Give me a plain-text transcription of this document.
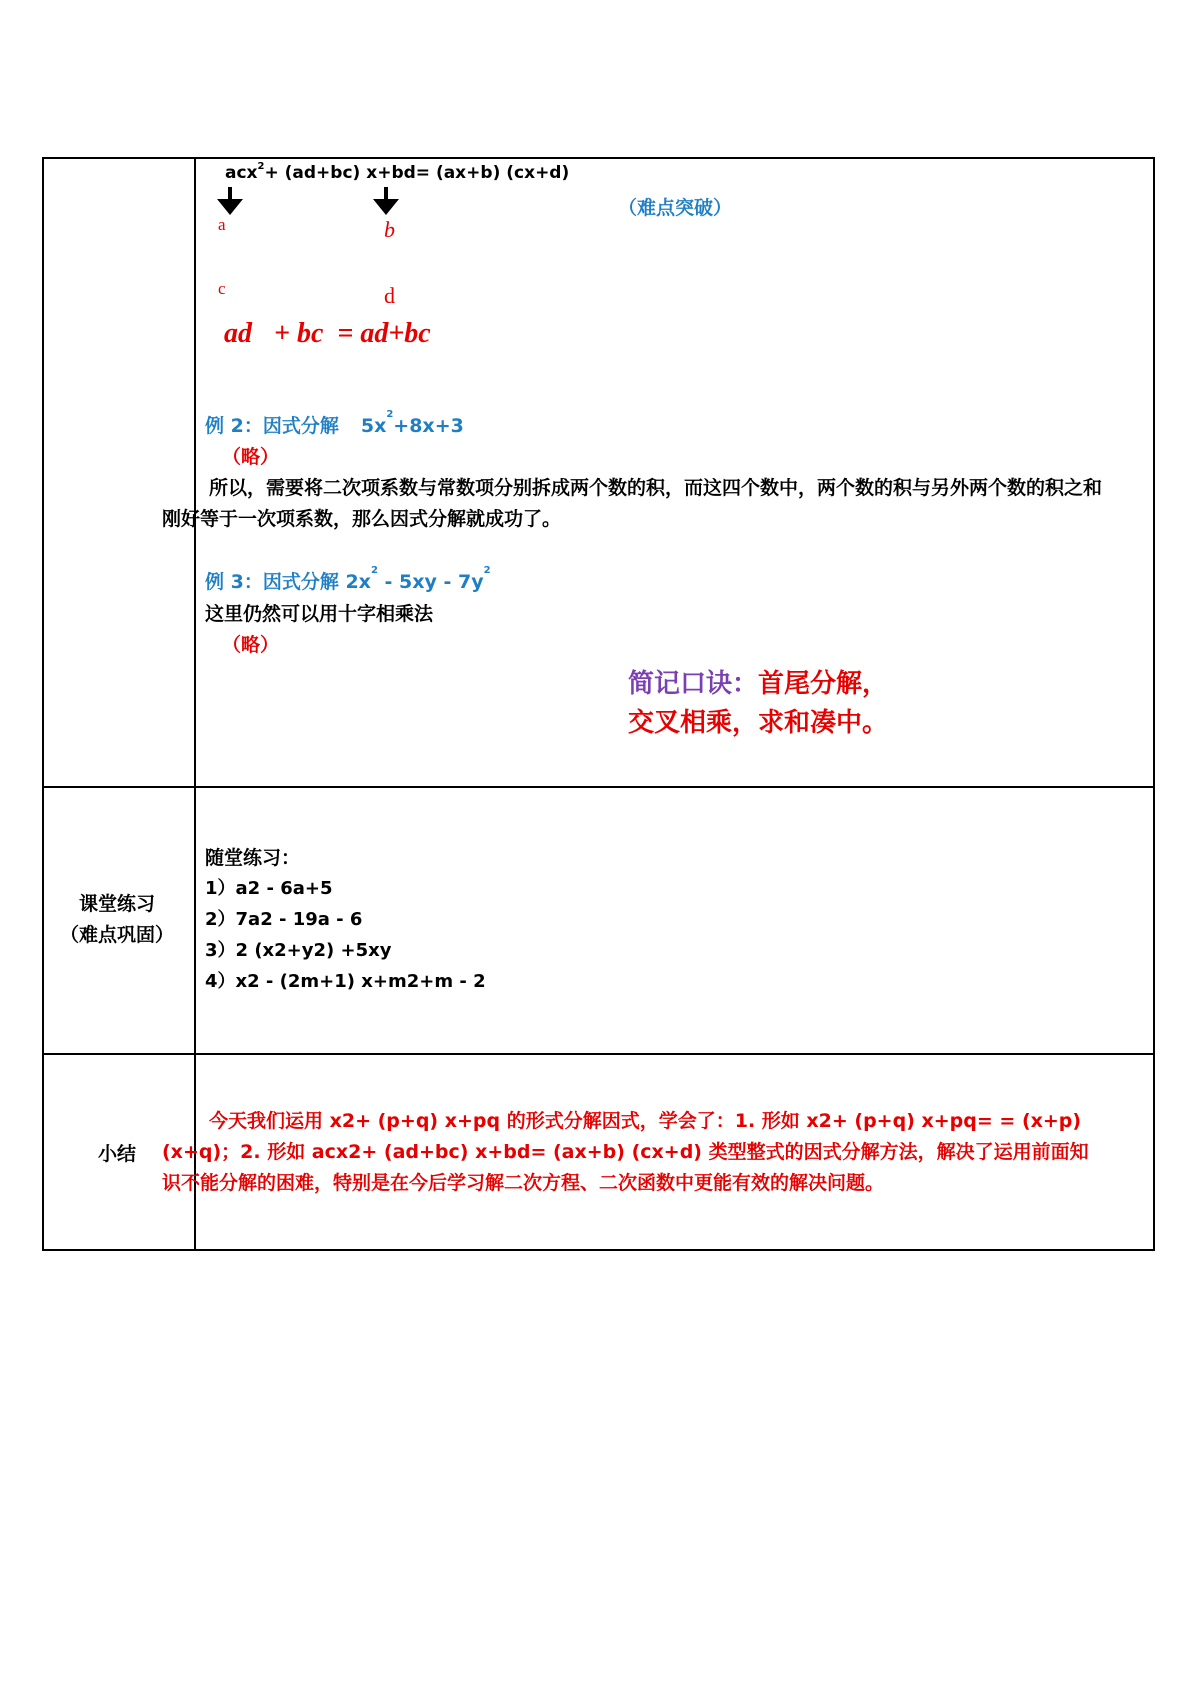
acx$^2$+ (ad+bc) x+bd= (ax+b) (cx+d)
（难点突破）
a	b
c	d
ad + bc = ad+bc
例 2：因式分解 $5x^2+8x+3$
（略）
所以，需要将二次项系数与常数项分别拆成两个数的积，而这四个数中，两个数的积与另外两个数的积之和刚好等于一次项系数，那么因式分解就成功了。
例 3：因式分解 $2x^2 - 5xy - 7y^2$
这里仍然可以用十字相乘法
（略）
简记口诀：首尾分解，
交叉相乘，求和凑中。
课堂练习
（难点巩固）
随堂练习：
1）a2 - 6a+5
2）7a2 - 19a - 6
3）2 (x2+y2) +5xy
4）x2 - (2m+1) x+m2+m - 2
小结
今天我们运用 x2+ (p+q) x+pq 的形式分解因式，学会了：1. 形如 x2+ (p+q) x+pq= = (x+p) (x+q)；2. 形如 acx2+ (ad+bc) x+bd= (ax+b) (cx+d) 类型整式的因式分解方法，解决了运用前面知识不能分解的困难，特别是在今后学习解二次方程、二次函数中更能有效的解决问题。
